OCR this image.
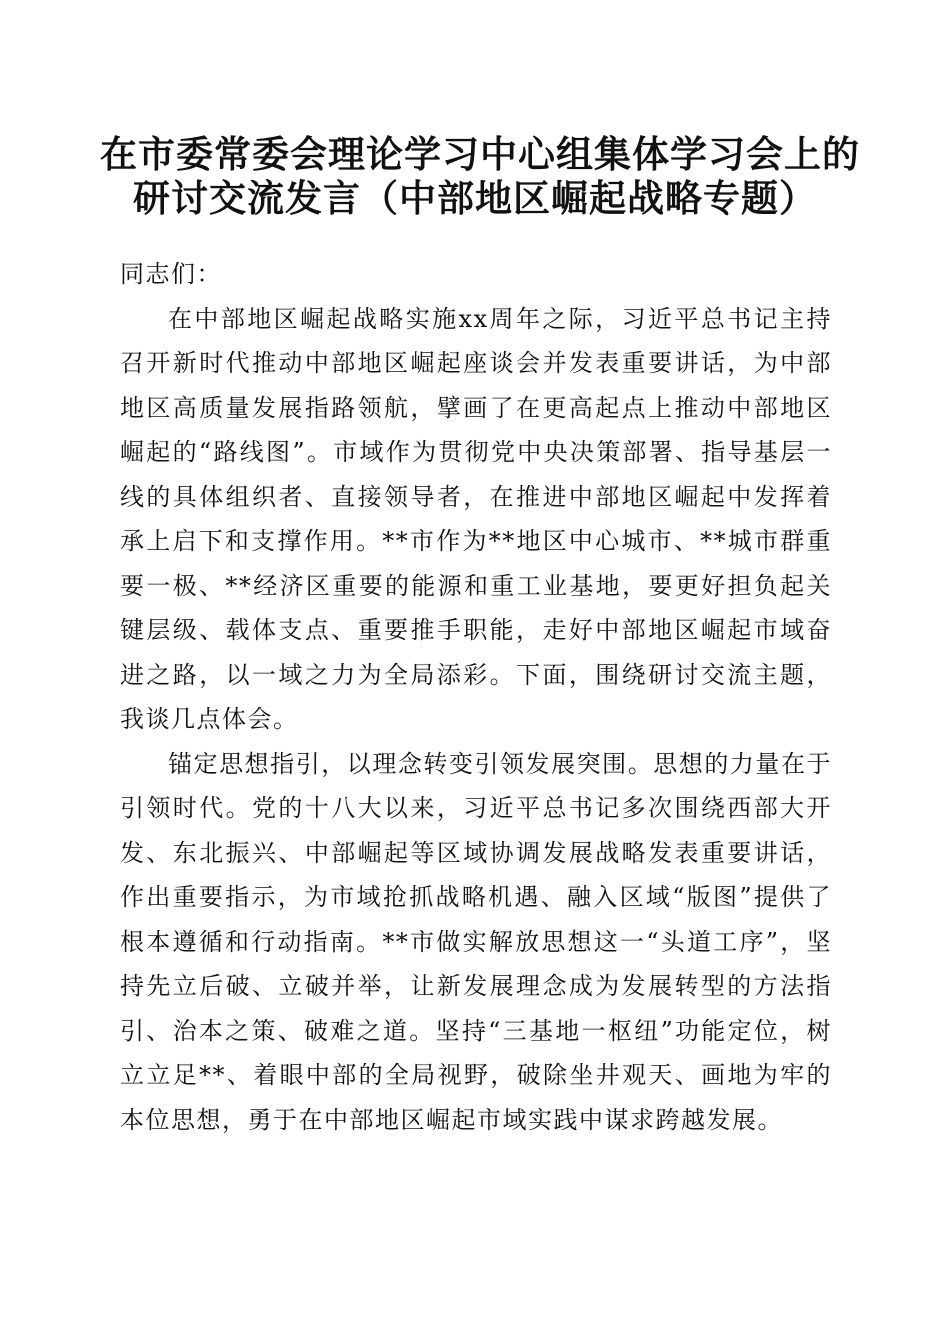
在市委常委会理论学习中心组集体学习会上的
研讨交流发言（中部地区崛起战略专题）

同志们：

在中部地区崛起战略实施xx周年之际，习近平总书记主持召开新时代推动中部地区崛起座谈会并发表重要讲话，为中部地区高质量发展指路领航，擘画了在更高起点上推动中部地区崛起的“路线图”。市域作为贯彻党中央决策部署、指导基层一线的具体组织者、直接领导者，在推进中部地区崛起中发挥着承上启下和支撑作用。**市作为**地区中心城市、**城市群重要一极、**经济区重要的能源和重工业基地，要更好担负起关键层级、载体支点、重要推手职能，走好中部地区崛起市域奋进之路，以一域之力为全局添彩。下面，围绕研讨交流主题，我谈几点体会。

锚定思想指引，以理念转变引领发展突围。思想的力量在于引领时代。党的十八大以来，习近平总书记多次围绕西部大开发、东北振兴、中部崛起等区域协调发展战略发表重要讲话，作出重要指示，为市域抢抓战略机遇、融入区域“版图”提供了根本遵循和行动指南。**市做实解放思想这一“头道工序”，坚持先立后破、立破并举，让新发展理念成为发展转型的方法指引、治本之策、破难之道。坚持“三基地一枢纽”功能定位，树立立足**、着眼中部的全局视野，破除坐井观天、画地为牢的本位思想，勇于在中部地区崛起市域实践中谋求跨越发展。
